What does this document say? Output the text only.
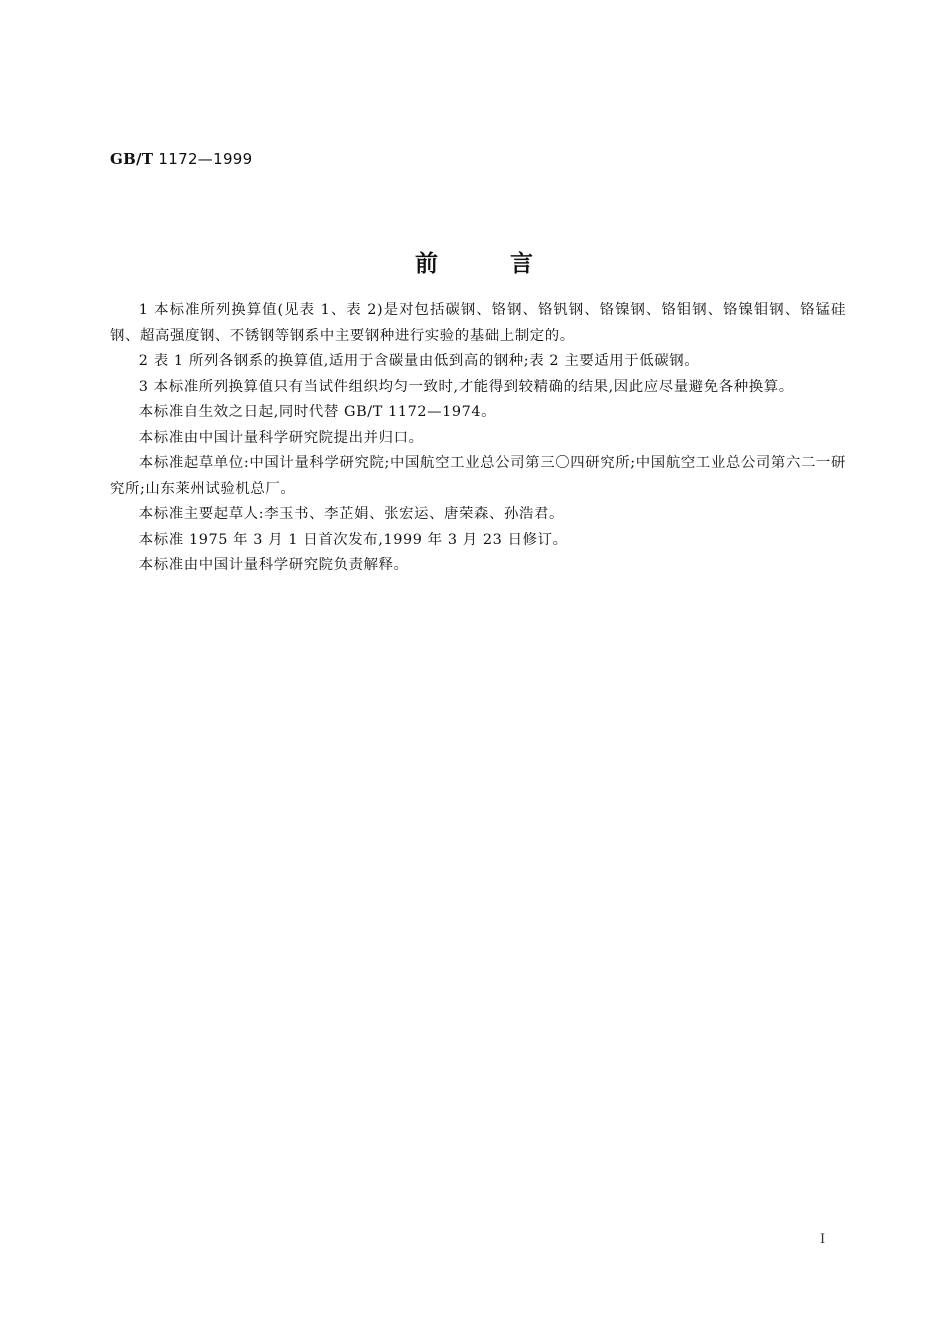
GB/T 1172—1999
前	言

1 本标准所列换算值(见表 1、表 2)是对包括碳钢、铬钢、铬钒钢、铬镍钢、铬钼钢、铬镍钼钢、铬锰硅钢、超高强度钢、不锈钢等钢系中主要钢种进行实验的基础上制定的。

2 表 1 所列各钢系的换算值,适用于含碳量由低到高的钢种;表 2 主要适用于低碳钢。

3 本标准所列换算值只有当试件组织均匀一致时,才能得到较精确的结果,因此应尽量避免各种换算。

本标准自生效之日起,同时代替 GB/T 1172—1974。

本标准由中国计量科学研究院提出并归口。

本标准起草单位:中国计量科学研究院;中国航空工业总公司第三〇四研究所;中国航空工业总公司第六二一研究所;山东莱州试验机总厂。

本标准主要起草人:李玉书、李芷娟、张宏运、唐荣森、孙浩君。

本标准 1975 年 3 月 1 日首次发布,1999 年 3 月 23 日修订。

本标准由中国计量科学研究院负责解释。

I
